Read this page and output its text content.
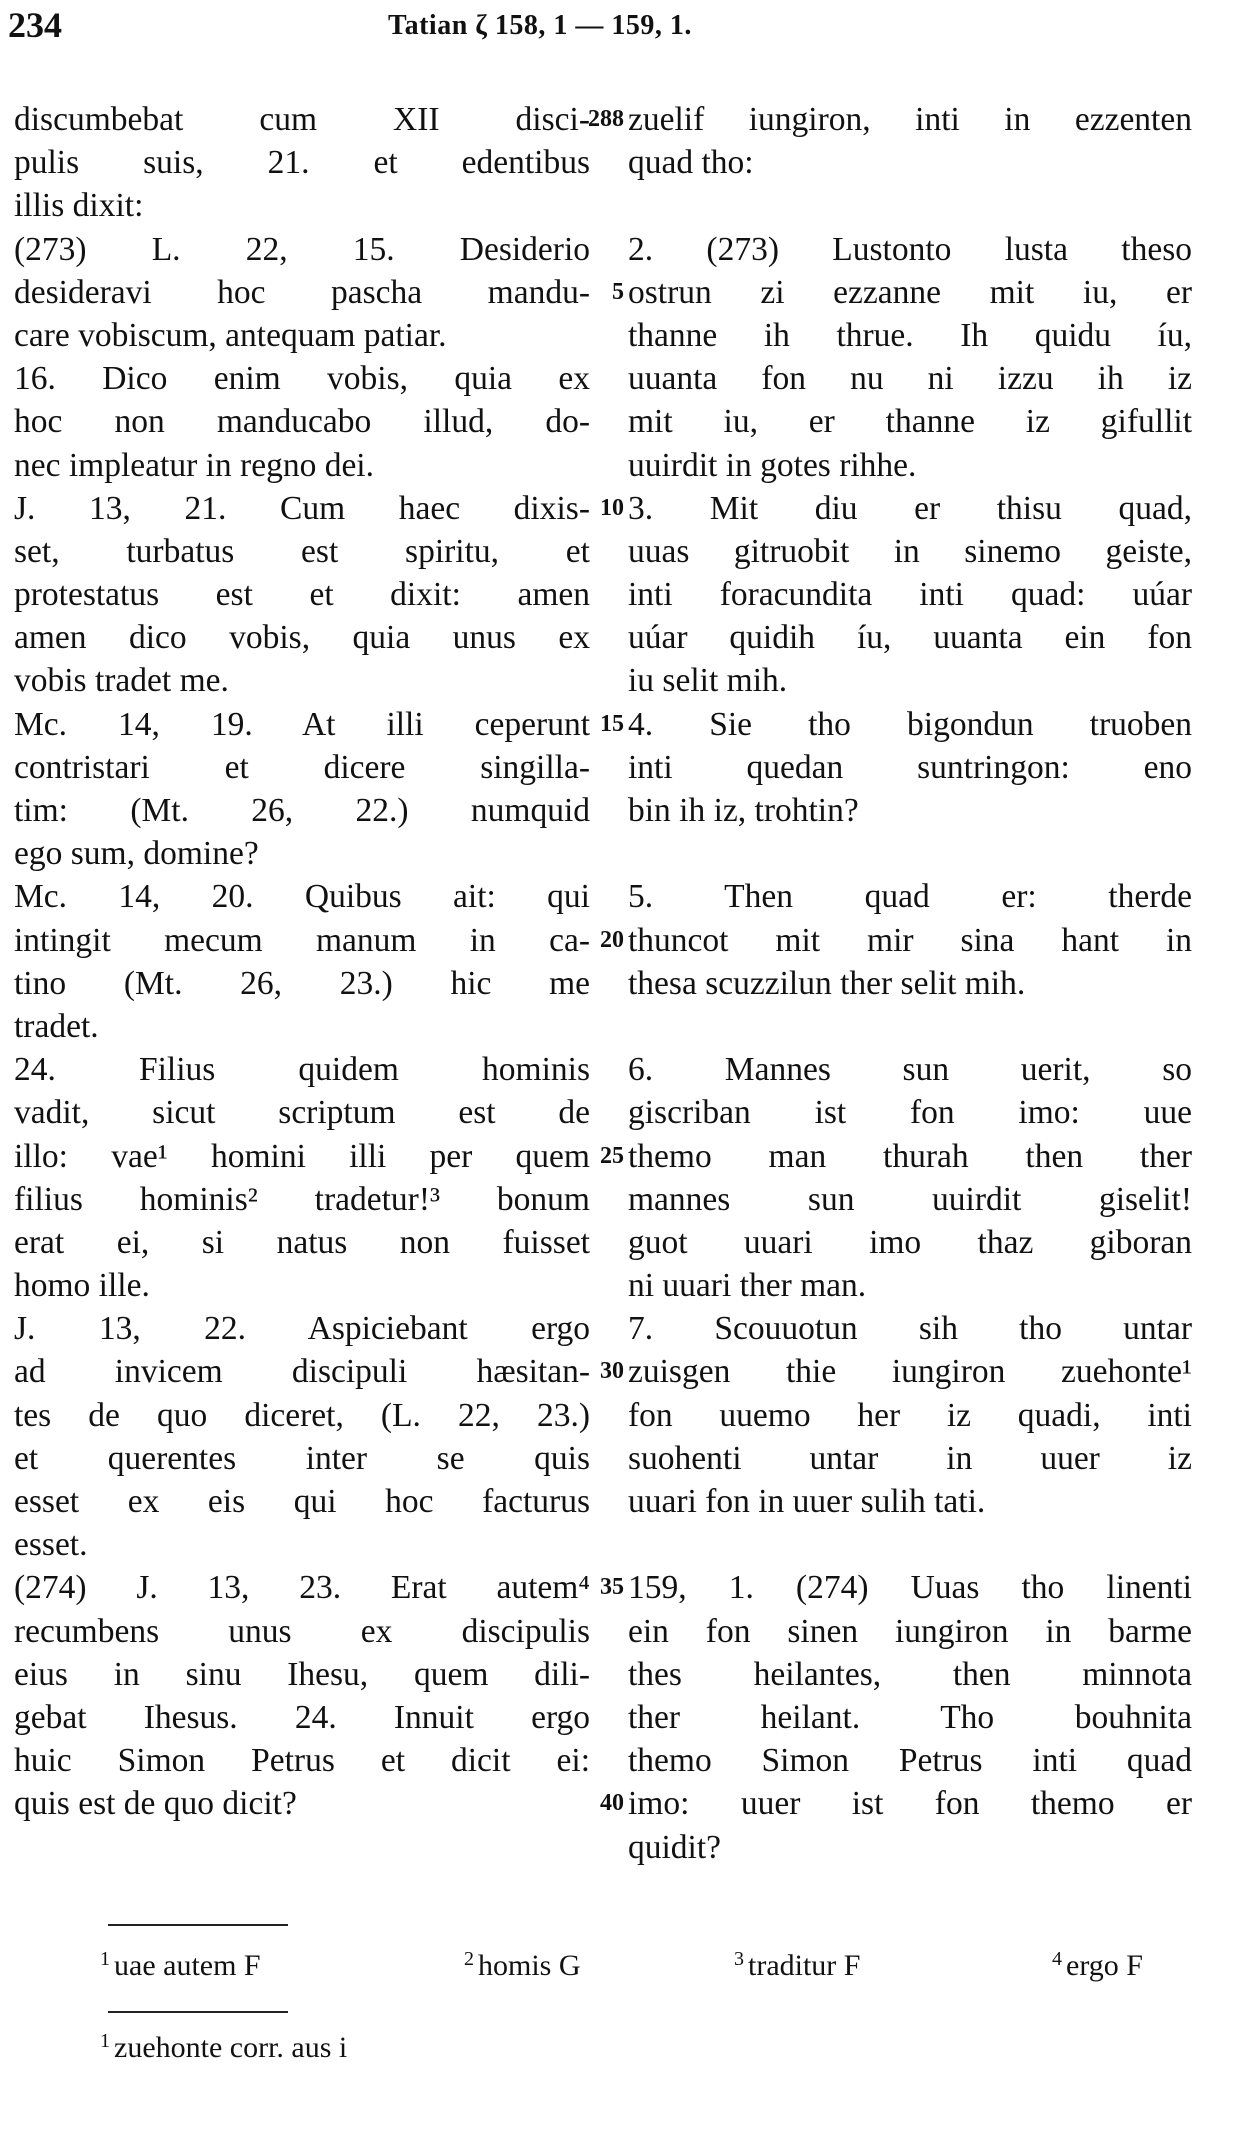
234	Tatian ζ 158, 1 — 159, 1.
discumbebat cum XII disci-
pulis suis, 21. et edentibus
illis dixit:
(273) L. 22, 15. Desiderio
desideravi hoc pascha mandu-
care vobiscum, antequam patiar.
16. Dico enim vobis, quia ex
hoc non manducabo illud, do-
nec impleatur in regno dei.
J. 13, 21. Cum haec dixis-
set, turbatus est spiritu, et
protestatus est et dixit: amen
amen dico vobis, quia unus ex
vobis tradet me.
Mc. 14, 19. At illi ceperunt
contristari et dicere singilla-
tim: (Mt. 26, 22.) numquid
ego sum, domine?
Mc. 14, 20. Quibus ait: qui
intingit mecum manum in ca-
tino (Mt. 26, 23.) hic me
tradet.
24. Filius quidem hominis
vadit, sicut scriptum est de
illo: vae¹ homini illi per quem
filius hominis² tradetur!³ bonum
erat ei, si natus non fuisset
homo ille.
J. 13, 22. Aspiciebant ergo
ad invicem discipuli hæsitan-
tes de quo diceret, (L. 22, 23.)
et querentes inter se quis
esset ex eis qui hoc facturus
esset.
(274) J. 13, 23. Erat autem⁴
recumbens unus ex discipulis
eius in sinu Ihesu, quem dili-
gebat Ihesus. 24. Innuit ergo
huic Simon Petrus et dicit ei:
quis est de quo dicit?

288

5

10

15

20

25

30

35

40

zuelif iungiron, inti in ezzenten
quad tho:

2. (273) Lustonto lusta theso
ostrun zi ezzanne mit iu, er
thanne ih thrue. Ih quidu íu,
uuanta fon nu ni izzu ih iz
mit iu, er thanne iz gifullit
uuirdit in gotes rihhe.
3. Mit diu er thisu quad,
uuas gitruobit in sinemo geiste,
inti foracundita inti quad: uúar
uúar quidih íu, uuanta ein fon
iu selit mih.
4. Sie tho bigondun truoben
inti quedan suntringon: eno
bin ih iz, trohtin?

5. Then quad er: therde
thuncot mit mir sina hant in
thesa scuzzilun ther selit mih.

6. Mannes sun uerit, so
giscriban ist fon imo: uue
themo man thurah then ther
mannes sun uuirdit giselit!
guot uuari imo thaz giboran
ni uuari ther man.
7. Scouuotun sih tho untar
zuisgen thie iungiron zuehonte¹
fon uuemo her iz quadi, inti
suohenti untar in uuer iz
uuari fon in uuer sulih tati.

159, 1. (274) Uuas tho linenti
ein fon sinen iungiron in barme
thes heilantes, then minnota
ther heilant. Tho bouhnita
themo Simon Petrus inti quad
imo: uuer ist fon themo er
quidit?
$^1$ uae autem F	$^2$ homis G	$^3$ traditur F	$^4$ ergo F
$^1$ zuehonte corr. aus i
